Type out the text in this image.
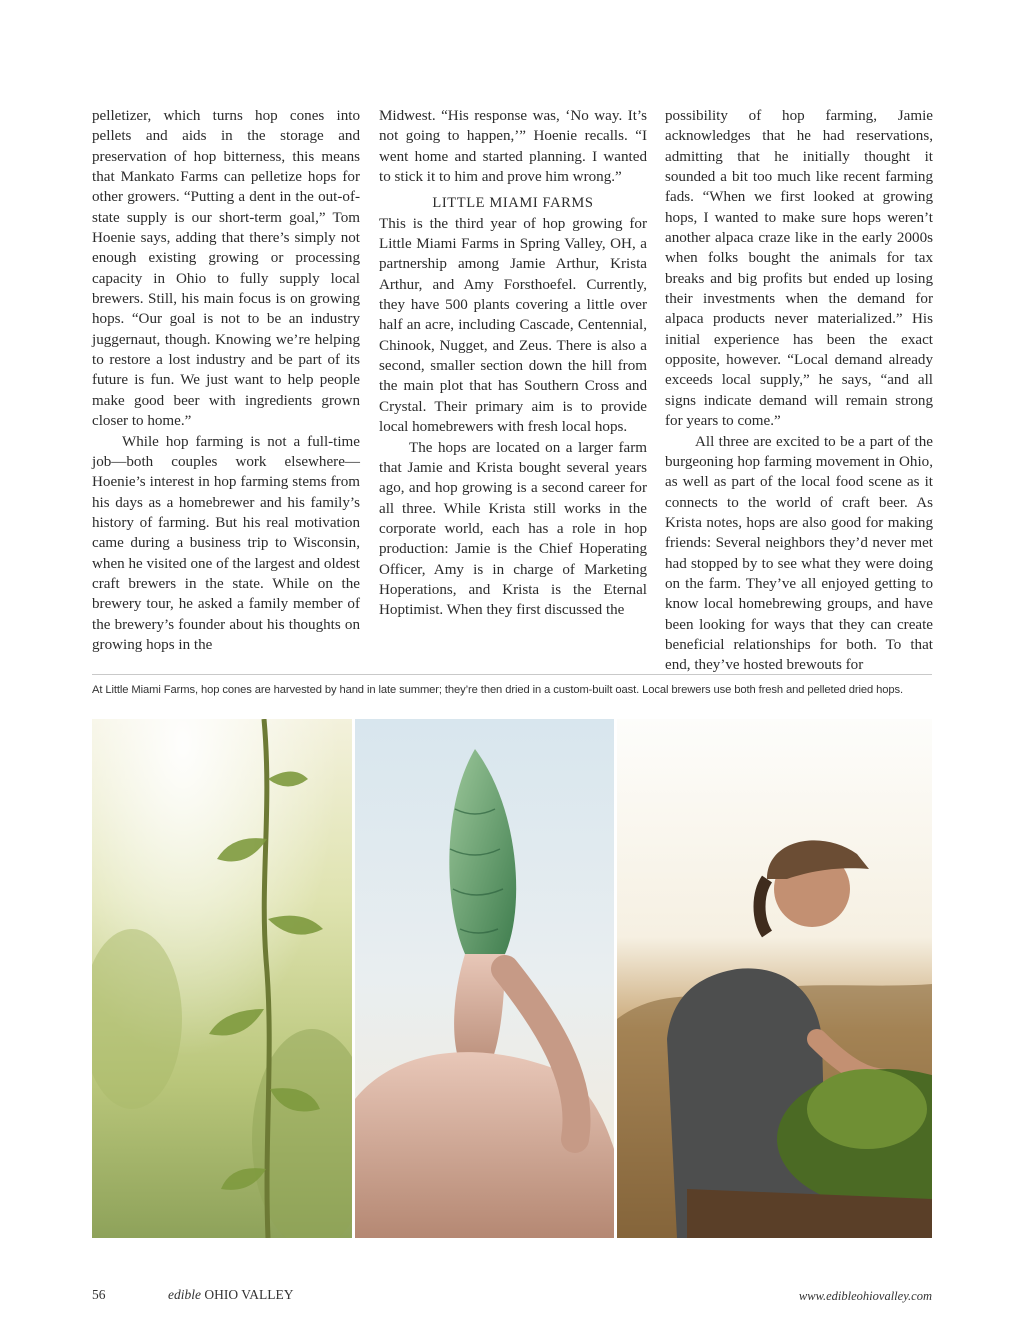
pelletizer, which turns hop cones into pellets and aids in the storage and preservation of hop bitterness, this means that Mankato Farms can pelletize hops for other growers. “Putting a dent in the out-of-state supply is our short-term goal,” Tom Hoenie says, adding that there’s simply not enough existing growing or processing capacity in Ohio to fully supply local brewers. Still, his main focus is on growing hops. “Our goal is not to be an industry juggernaut, though. Knowing we’re helping to restore a lost industry and be part of its future is fun. We just want to help people make good beer with ingredients grown closer to home.”

While hop farming is not a full-time job—both couples work elsewhere—Hoenie’s interest in hop farming stems from his days as a homebrewer and his family’s history of farming. But his real motivation came during a business trip to Wisconsin, when he visited one of the largest and oldest craft brewers in the state. While on the brewery tour, he asked a family member of the brewery’s founder about his thoughts on growing hops in the

Midwest. “His response was, ‘No way. It’s not going to happen,’” Hoenie recalls. “I went home and started planning. I wanted to stick it to him and prove him wrong.”

LITTLE MIAMI FARMS

This is the third year of hop growing for Little Miami Farms in Spring Valley, OH, a partnership among Jamie Arthur, Krista Arthur, and Amy Forsthoefel. Currently, they have 500 plants covering a little over half an acre, including Cascade, Centennial, Chinook, Nugget, and Zeus. There is also a second, smaller section down the hill from the main plot that has Southern Cross and Crystal. Their primary aim is to provide local homebrewers with fresh local hops.

The hops are located on a larger farm that Jamie and Krista bought several years ago, and hop growing is a second career for all three. While Krista still works in the corporate world, each has a role in hop production: Jamie is the Chief Hoperating Officer, Amy is in charge of Marketing Hoperations, and Krista is the Eternal Hoptimist. When they first discussed the

possibility of hop farming, Jamie acknowledges that he had reservations, admitting that he initially thought it sounded a bit too much like recent farming fads. “When we first looked at growing hops, I wanted to make sure hops weren’t another alpaca craze like in the early 2000s when folks bought the animals for tax breaks and big profits but ended up losing their investments when the demand for alpaca products never materialized.” His initial experience has been the exact opposite, however. “Local demand already exceeds local supply,” he says, “and all signs indicate demand will remain strong for years to come.”

All three are excited to be a part of the burgeoning hop farming movement in Ohio, as well as part of the local food scene as it connects to the world of craft beer. As Krista notes, hops are also good for making friends: Several neighbors they’d never met had stopped by to see what they were doing on the farm. They’ve all enjoyed getting to know local homebrewing groups, and have been looking for ways that they can create beneficial relationships for both. To that end, they’ve hosted brewouts for

At Little Miami Farms, hop cones are harvested by hand in late summer; they’re then dried in a custom-built oast. Local brewers use both fresh and pelleted dried hops.
56	edible OHIO VALLEY	www.edibleohiovalley.com
